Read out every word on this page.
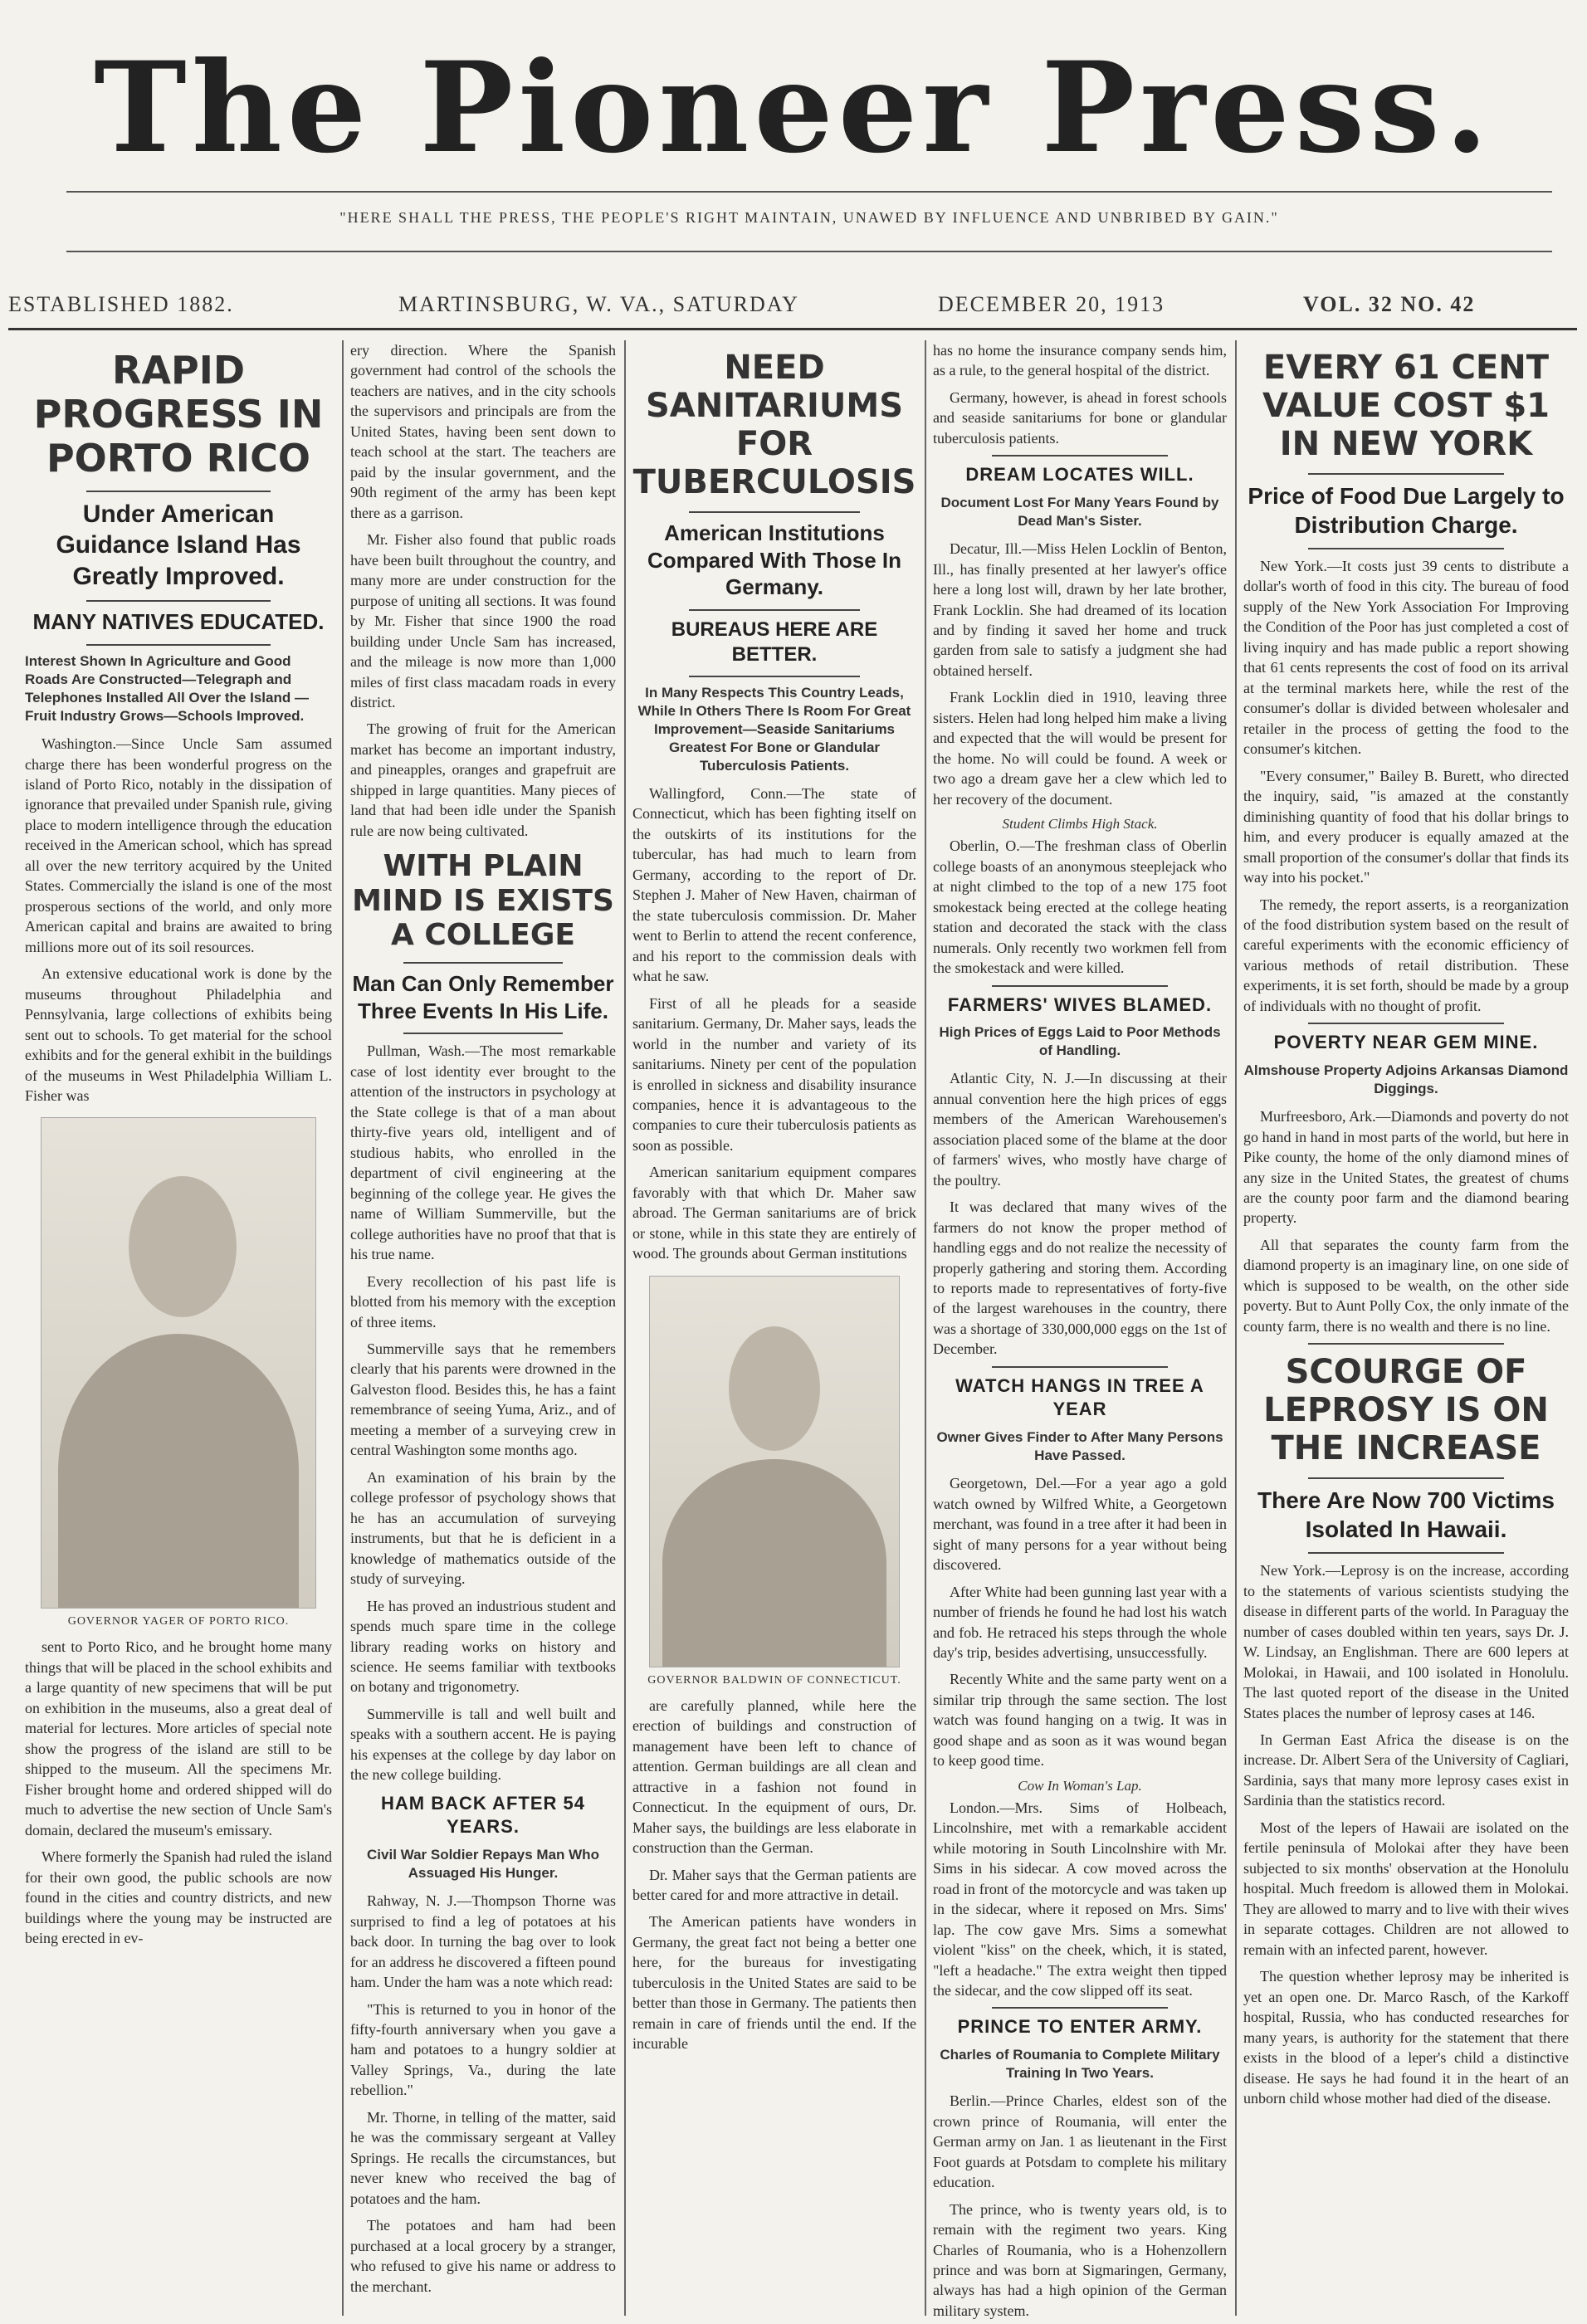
The Pioneer Press.
"HERE SHALL THE PRESS, THE PEOPLE'S RIGHT MAINTAIN, UNAWED BY INFLUENCE AND UNBRIBED BY GAIN."
ESTABLISHED 1882.	MARTINSBURG, W. VA., SATURDAY	DECEMBER 20, 1913	VOL. 32 NO. 42
RAPID PROGRESS IN PORTO RICO
Under American Guidance Island Has Greatly Improved.
MANY NATIVES EDUCATED.
Interest Shown In Agriculture and Good Roads Are Constructed—Telegraph and Telephones Installed All Over the Island — Fruit Industry Grows—Schools Improved.

Washington.—Since Uncle Sam assumed charge there has been wonderful progress on the island of Porto Rico, notably in the dissipation of ignorance that prevailed under Spanish rule, giving place to modern intelligence through the education received in the American school, which has spread all over the new territory acquired by the United States. Commercially the island is one of the most prosperous sections of the world, and only more American capital and brains are awaited to bring millions more out of its soil resources.

An extensive educational work is done by the museums throughout Philadelphia and Pennsylvania, large collections of exhibits being sent out to schools. To get material for the school exhibits and for the general exhibit in the buildings of the museums in West Philadelphia William L. Fisher was

GOVERNOR YAGER OF PORTO RICO.

sent to Porto Rico, and he brought home many things that will be placed in the school exhibits and a large quantity of new specimens that will be put on exhibition in the museums, also a great deal of material for lectures. More articles of special note show the progress of the island are still to be shipped to the museum. All the specimens Mr. Fisher brought home and ordered shipped will do much to advertise the new section of Uncle Sam's domain, declared the museum's emissary.

Where formerly the Spanish had ruled the island for their own good, the public schools are now found in the cities and country districts, and new buildings where the young may be instructed are being erected in ev-

ery direction. Where the Spanish government had control of the schools the teachers are natives, and in the city schools the supervisors and principals are from the United States, having been sent down to teach school at the start. The teachers are paid by the insular government, and the 90th regiment of the army has been kept there as a garrison.

Mr. Fisher also found that public roads have been built throughout the country, and many more are under construction for the purpose of uniting all sections. It was found by Mr. Fisher that since 1900 the road building under Uncle Sam has increased, and the mileage is now more than 1,000 miles of first class macadam roads in every district.

The growing of fruit for the American market has become an important industry, and pineapples, oranges and grapefruit are shipped in large quantities. Many pieces of land that had been idle under the Spanish rule are now being cultivated.

WITH PLAIN MIND IS EXISTS A COLLEGE
Man Can Only Remember Three Events In His Life.

Pullman, Wash.—The most remarkable case of lost identity ever brought to the attention of the instructors in psychology at the State college is that of a man about thirty-five years old, intelligent and of studious habits, who enrolled in the department of civil engineering at the beginning of the college year. He gives the name of William Summerville, but the college authorities have no proof that that is his true name.

Every recollection of his past life is blotted from his memory with the exception of three items.

Summerville says that he remembers clearly that his parents were drowned in the Galveston flood. Besides this, he has a faint remembrance of seeing Yuma, Ariz., and of meeting a member of a surveying crew in central Washington some months ago.

An examination of his brain by the college professor of psychology shows that he has an accumulation of surveying instruments, but that he is deficient in a knowledge of mathematics outside of the study of surveying.

He has proved an industrious student and spends much spare time in the college library reading works on history and science. He seems familiar with textbooks on botany and trigonometry.

Summerville is tall and well built and speaks with a southern accent. He is paying his expenses at the college by day labor on the new college building.

HAM BACK AFTER 54 YEARS.
Civil War Soldier Repays Man Who Assuaged His Hunger.

Rahway, N. J.—Thompson Thorne was surprised to find a leg of potatoes at his back door. In turning the bag over to look for an address he discovered a fifteen pound ham. Under the ham was a note which read:

"This is returned to you in honor of the fifty-fourth anniversary when you gave a ham and potatoes to a hungry soldier at Valley Springs, Va., during the late rebellion."

Mr. Thorne, in telling of the matter, said he was the commissary sergeant at Valley Springs. He recalls the circumstances, but never knew who received the bag of potatoes and the ham.

The potatoes and ham had been purchased at a local grocery by a stranger, who refused to give his name or address to the merchant.

NEED SANITARIUMS FOR TUBERCULOSIS
American Institutions Compared With Those In Germany.
BUREAUS HERE ARE BETTER.
In Many Respects This Country Leads, While In Others There Is Room For Great Improvement—Seaside Sanitariums Greatest For Bone or Glandular Tuberculosis Patients.

Wallingford, Conn.—The state of Connecticut, which has been fighting itself on the outskirts of its institutions for the tubercular, has had much to learn from Germany, according to the report of Dr. Stephen J. Maher of New Haven, chairman of the state tuberculosis commission. Dr. Maher went to Berlin to attend the recent conference, and his report to the commission deals with what he saw.

First of all he pleads for a seaside sanitarium. Germany, Dr. Maher says, leads the world in the number and variety of its sanitariums. Ninety per cent of the population is enrolled in sickness and disability insurance companies, hence it is advantageous to the companies to cure their tuberculosis patients as soon as possible.

American sanitarium equipment compares favorably with that which Dr. Maher saw abroad. The German sanitariums are of brick or stone, while in this state they are entirely of wood. The grounds about German institutions

GOVERNOR BALDWIN OF CONNECTICUT.

are carefully planned, while here the erection of buildings and construction of management have been left to chance of attention. German buildings are all clean and attractive in a fashion not found in Connecticut. In the equipment of ours, Dr. Maher says, the buildings are less elaborate in construction than the German.

Dr. Maher says that the German patients are better cared for and more attractive in detail.

The American patients have wonders in Germany, the great fact not being a better one here, for the bureaus for investigating tuberculosis in the United States are said to be better than those in Germany. The patients then remain in care of friends until the end. If the incurable

has no home the insurance company sends him, as a rule, to the general hospital of the district.

Germany, however, is ahead in forest schools and seaside sanitariums for bone or glandular tuberculosis patients.

DREAM LOCATES WILL.
Document Lost For Many Years Found by Dead Man's Sister.

Decatur, Ill.—Miss Helen Locklin of Benton, Ill., has finally presented at her lawyer's office here a long lost will, drawn by her late brother, Frank Locklin. She had dreamed of its location and by finding it saved her home and truck garden from sale to satisfy a judgment she had obtained herself.

Frank Locklin died in 1910, leaving three sisters. Helen had long helped him make a living and expected that the will would be present for the home. No will could be found. A week or two ago a dream gave her a clew which led to her recovery of the document.

Student Climbs High Stack.

Oberlin, O.—The freshman class of Oberlin college boasts of an anonymous steeplejack who at night climbed to the top of a new 175 foot smokestack being erected at the college heating station and decorated the stack with the class numerals. Only recently two workmen fell from the smokestack and were killed.

FARMERS' WIVES BLAMED.
High Prices of Eggs Laid to Poor Methods of Handling.

Atlantic City, N. J.—In discussing at their annual convention here the high prices of eggs members of the American Warehousemen's association placed some of the blame at the door of farmers' wives, who mostly have charge of the poultry.

It was declared that many wives of the farmers do not know the proper method of handling eggs and do not realize the necessity of properly gathering and storing them. According to reports made to representatives of forty-five of the largest warehouses in the country, there was a shortage of 330,000,000 eggs on the 1st of December.

WATCH HANGS IN TREE A YEAR
Owner Gives Finder to After Many Persons Have Passed.

Georgetown, Del.—For a year ago a gold watch owned by Wilfred White, a Georgetown merchant, was found in a tree after it had been in sight of many persons for a year without being discovered.

After White had been gunning last year with a number of friends he found he had lost his watch and fob. He retraced his steps through the whole day's trip, besides advertising, unsuccessfully.

Recently White and the same party went on a similar trip through the same section. The lost watch was found hanging on a twig. It was in good shape and as soon as it was wound began to keep good time.

Cow In Woman's Lap.

London.—Mrs. Sims of Holbeach, Lincolnshire, met with a remarkable accident while motoring in South Lincolnshire with Mr. Sims in his sidecar. A cow moved across the road in front of the motorcycle and was taken up in the sidecar, where it reposed on Mrs. Sims' lap. The cow gave Mrs. Sims a somewhat violent "kiss" on the cheek, which, it is stated, "left a headache." The extra weight then tipped the sidecar, and the cow slipped off its seat.

PRINCE TO ENTER ARMY.
Charles of Roumania to Complete Military Training In Two Years.

Berlin.—Prince Charles, eldest son of the crown prince of Roumania, will enter the German army on Jan. 1 as lieutenant in the First Foot guards at Potsdam to complete his military education.

The prince, who is twenty years old, is to remain with the regiment two years. King Charles of Roumania, who is a Hohenzollern prince and was born at Sigmaringen, Germany, always has had a high opinion of the German military system.

EVERY 61 CENT VALUE COST $1 IN NEW YORK
Price of Food Due Largely to Distribution Charge.

New York.—It costs just 39 cents to distribute a dollar's worth of food in this city. The bureau of food supply of the New York Association For Improving the Condition of the Poor has just completed a cost of living inquiry and has made public a report showing that 61 cents represents the cost of food on its arrival at the terminal markets here, while the rest of the consumer's dollar is divided between wholesaler and retailer in the process of getting the food to the consumer's kitchen.

"Every consumer," Bailey B. Burett, who directed the inquiry, said, "is amazed at the constantly diminishing quantity of food that his dollar brings to him, and every producer is equally amazed at the small proportion of the consumer's dollar that finds its way into his pocket."

The remedy, the report asserts, is a reorganization of the food distribution system based on the result of careful experiments with the economic efficiency of various methods of retail distribution. These experiments, it is set forth, should be made by a group of individuals with no thought of profit.

POVERTY NEAR GEM MINE.
Almshouse Property Adjoins Arkansas Diamond Diggings.

Murfreesboro, Ark.—Diamonds and poverty do not go hand in hand in most parts of the world, but here in Pike county, the home of the only diamond mines of any size in the United States, the greatest of chums are the county poor farm and the diamond bearing property.

All that separates the county farm from the diamond property is an imaginary line, on one side of which is supposed to be wealth, on the other side poverty. But to Aunt Polly Cox, the only inmate of the county farm, there is no wealth and there is no line.

SCOURGE OF LEPROSY IS ON THE INCREASE
There Are Now 700 Victims Isolated In Hawaii.

New York.—Leprosy is on the increase, according to the statements of various scientists studying the disease in different parts of the world. In Paraguay the number of cases doubled within ten years, says Dr. J. W. Lindsay, an Englishman. There are 600 lepers at Molokai, in Hawaii, and 100 isolated in Honolulu. The last quoted report of the disease in the United States places the number of leprosy cases at 146.

In German East Africa the disease is on the increase. Dr. Albert Sera of the University of Cagliari, Sardinia, says that many more leprosy cases exist in Sardinia than the statistics record.

Most of the lepers of Hawaii are isolated on the fertile peninsula of Molokai after they have been subjected to six months' observation at the Honolulu hospital. Much freedom is allowed them in Molokai. They are allowed to marry and to live with their wives in separate cottages. Children are not allowed to remain with an infected parent, however.

The question whether leprosy may be inherited is yet an open one. Dr. Marco Rasch, of the Karkoff hospital, Russia, who has conducted researches for many years, is authority for the statement that there exists in the blood of a leper's child a distinctive disease. He says he had found it in the heart of an unborn child whose mother had died of the disease.
